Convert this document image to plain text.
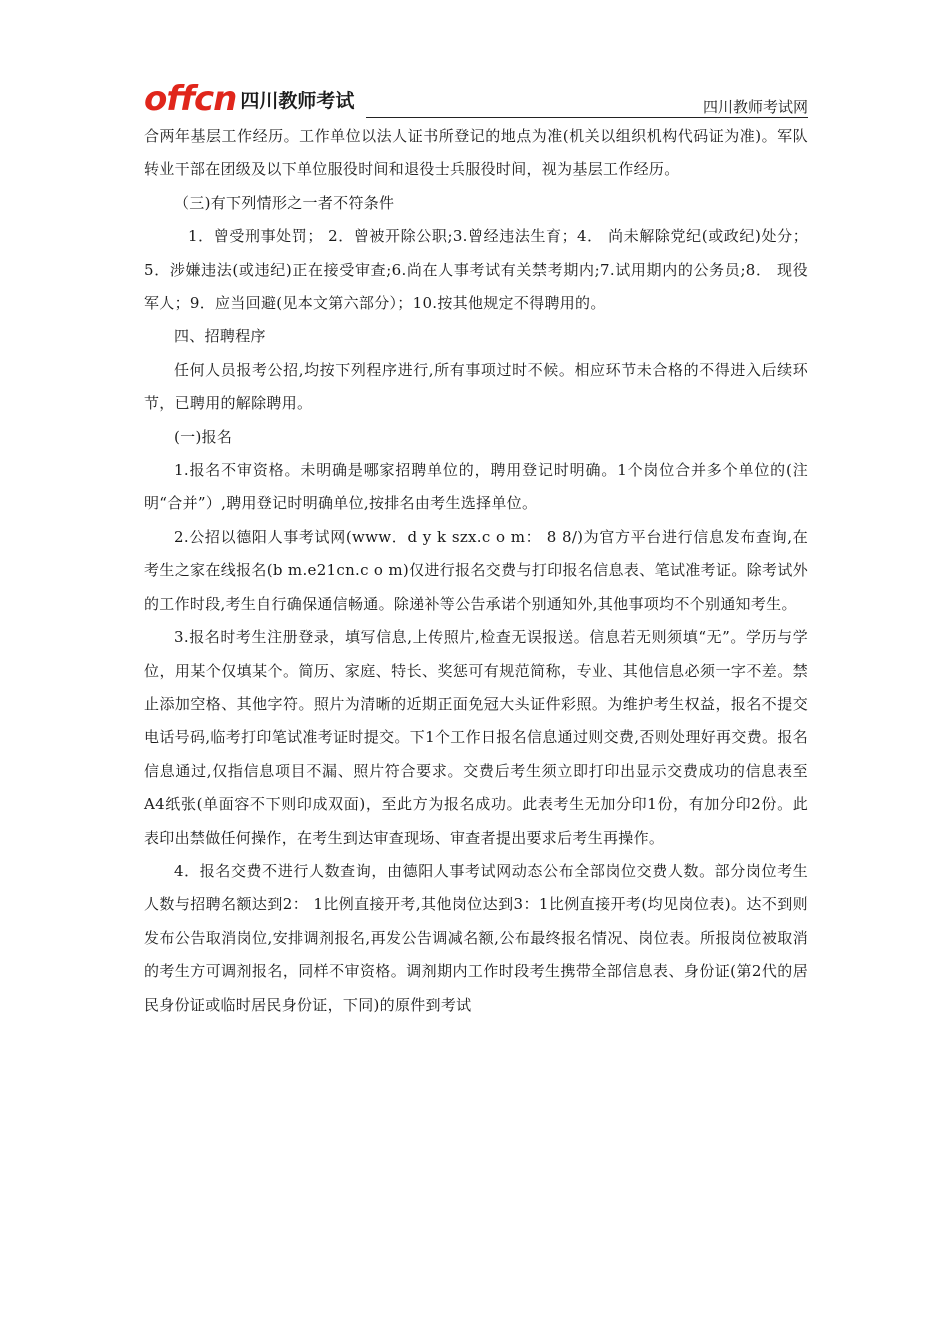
offcn 四川教师考试	四川教师考试网

合两年基层工作经历。工作单位以法人证书所登记的地点为准(机关以组织机构代码证为准)。军队转业干部在团级及以下单位服役时间和退役士兵服役时间，视为基层工作经历。

（三)有下列情形之一者不符条件

1．曾受刑事处罚； 2．曾被开除公职;3.曾经违法生育；4． 尚未解除党纪(或政纪)处分；5．涉嫌违法(或违纪)正在接受审查;6.尚在人事考试有关禁考期内;7.试用期内的公务员;8． 现役军人；9．应当回避(见本文第六部分）；10.按其他规定不得聘用的。

四、招聘程序

任何人员报考公招,均按下列程序进行,所有事项过时不候。相应环节未合格的不得进入后续环节，已聘用的解除聘用。

(一)报名

1.报名不审资格。未明确是哪家招聘单位的，聘用登记时明确。1个岗位合并多个单位的(注明“合并”）,聘用登记时明确单位,按排名由考生选择单位。

2.公招以德阳人事考试网(www．d y k szx.c o m： 8 8/)为官方平台进行信息发布查询,在考生之家在线报名(b m.e21cn.c o m)仅进行报名交费与打印报名信息表、笔试准考证。除考试外的工作时段,考生自行确保通信畅通。除递补等公告承诺个别通知外,其他事项均不个别通知考生。

3.报名时考生注册登录，填写信息,上传照片,检查无误报送。信息若无则须填“无”。学历与学位，用某个仅填某个。简历、家庭、特长、奖惩可有规范简称，专业、其他信息必须一字不差。禁止添加空格、其他字符。照片为清晰的近期正面免冠大头证件彩照。为维护考生权益，报名不提交电话号码,临考打印笔试准考证时提交。下1个工作日报名信息通过则交费,否则处理好再交费。报名信息通过,仅指信息项目不漏、照片符合要求。交费后考生须立即打印出显示交费成功的信息表至A4纸张(单面容不下则印成双面)，至此方为报名成功。此表考生无加分印1份，有加分印2份。此表印出禁做任何操作，在考生到达审查现场、审查者提出要求后考生再操作。

4．报名交费不进行人数查询，由德阳人事考试网动态公布全部岗位交费人数。部分岗位考生人数与招聘名额达到2： 1比例直接开考,其他岗位达到3：1比例直接开考(均见岗位表)。达不到则发布公告取消岗位,安排调剂报名,再发公告调减名额,公布最终报名情况、岗位表。所报岗位被取消的考生方可调剂报名，同样不审资格。调剂期内工作时段考生携带全部信息表、身份证(第2代的居民身份证或临时居民身份证，下同)的原件到考试
